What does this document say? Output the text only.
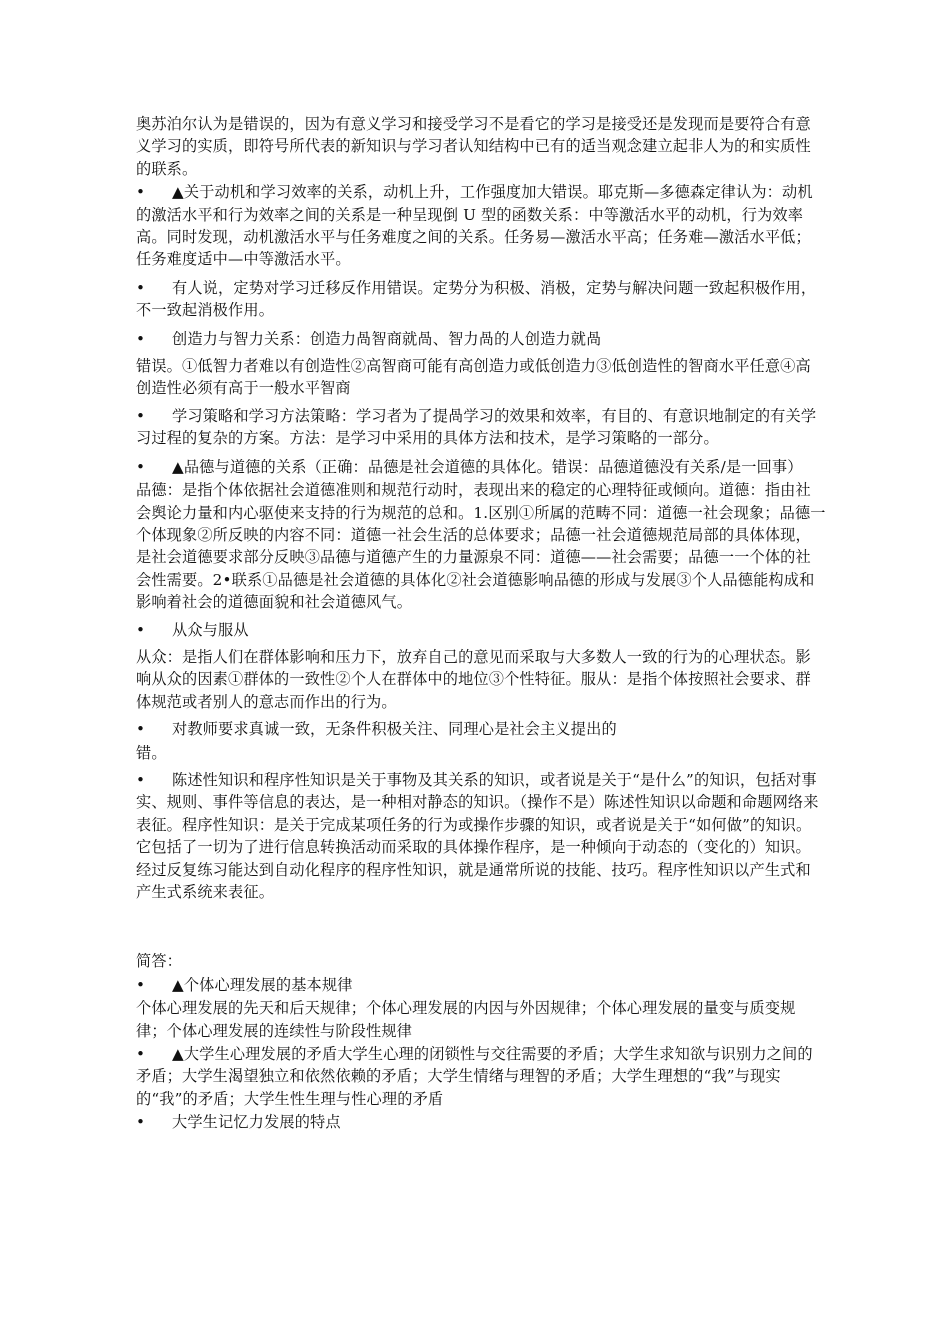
奥苏泊尔认为是错误的，因为有意义学习和接受学习不是看它的学习是接受还是发现而是要符合有意义学习的实质，即符号所代表的新知识与学习者认知结构中已有的适当观念建立起非人为的和实质性的联系。

• ▲关于动机和学习效率的关系，动机上升，工作强度加大错误。耶克斯—多德森定律认为：动机的激活水平和行为效率之间的关系是一种呈现倒 U 型的函数关系：中等激活水平的动机，行为效率高。同时发现，动机激活水平与任务难度之间的关系。任务易—激活水平高；任务难—激活水平低；任务难度适中—中等激活水平。
• 有人说，定势对学习迁移反作用错误。定势分为积极、消极，定势与解决问题一致起积极作用，不一致起消极作用。
•	创造力与智力关系：创造力咼智商就咼、智力咼的人创造力就咼

错误。①低智力者难以有创造性②高智商可能有高创造力或低创造力③低创造性的智商水平任意④高创造性必须有高于一般水平智商

• 学习策略和学习方法策略：学习者为了提咼学习的效果和效率，有目的、有意识地制定的有关学习过程的复杂的方案。方法：是学习中采用的具体方法和技术，是学习策略的一部分。
•	▲品德与道德的关系（正确：品德是社会道德的具体化。错误：品德道德没有关系/是一回事）

品德：是指个体依据社会道德准则和规范行动时，表现出来的稳定的心理特征或倾向。道德：指由社会舆论力量和内心驱使来支持的行为规范的总和。1.区别①所属的范畴不同：道德一社会现象；品德一个体现象②所反映的内容不同：道德一社会生活的总体要求；品德一社会道德规范局部的具体体现，是社会道德要求部分反映③品德与道德产生的力量源泉不同：道德——社会需要；品德一一个体的社会性需要。2•联系①品德是社会道德的具体化②社会道德影响品德的形成与发展③个人品德能构成和影响着社会的道德面貌和社会道德风气。

•	从众与服从

从众：是指人们在群体影响和压力下，放弃自己的意见而采取与大多数人一致的行为的心理状态。影响从众的因素①群体的一致性②个人在群体中的地位③个性特征。服从：是指个体按照社会要求、群体规范或者别人的意志而作出的行为。

•	对教师要求真诚一致，无条件积极关注、同理心是社会主义提出的

错。

• 陈述性知识和程序性知识是关于事物及其关系的知识，或者说是关于“是什么”的知识，包括对事实、规则、事件等信息的表达，是一种相对静态的知识。（操作不是）陈述性知识以命题和命题网络来表征。程序性知识：是关于完成某项任务的行为或操作步骤的知识，或者说是关于“如何做”的知识。它包括了一切为了进行信息转换活动而采取的具体操作程序，是一种倾向于动态的（变化的）知识。经过反复练习能达到自动化程序的程序性知识，就是通常所说的技能、技巧。程序性知识以产生式和产生式系统来表征。

简答：

•	▲个体心理发展的基本规律

个体心理发展的先天和后天规律；个体心理发展的内因与外因规律；个体心理发展的量变与质变规律；个体心理发展的连续性与阶段性规律

• ▲大学生心理发展的矛盾大学生心理的闭锁性与交往需要的矛盾；大学生求知欲与识别力之间的矛盾；大学生渴望独立和依然依赖的矛盾；大学生情绪与理智的矛盾；大学生理想的“我”与现实的“我”的矛盾；大学生性生理与性心理的矛盾
•	大学生记忆力发展的特点
